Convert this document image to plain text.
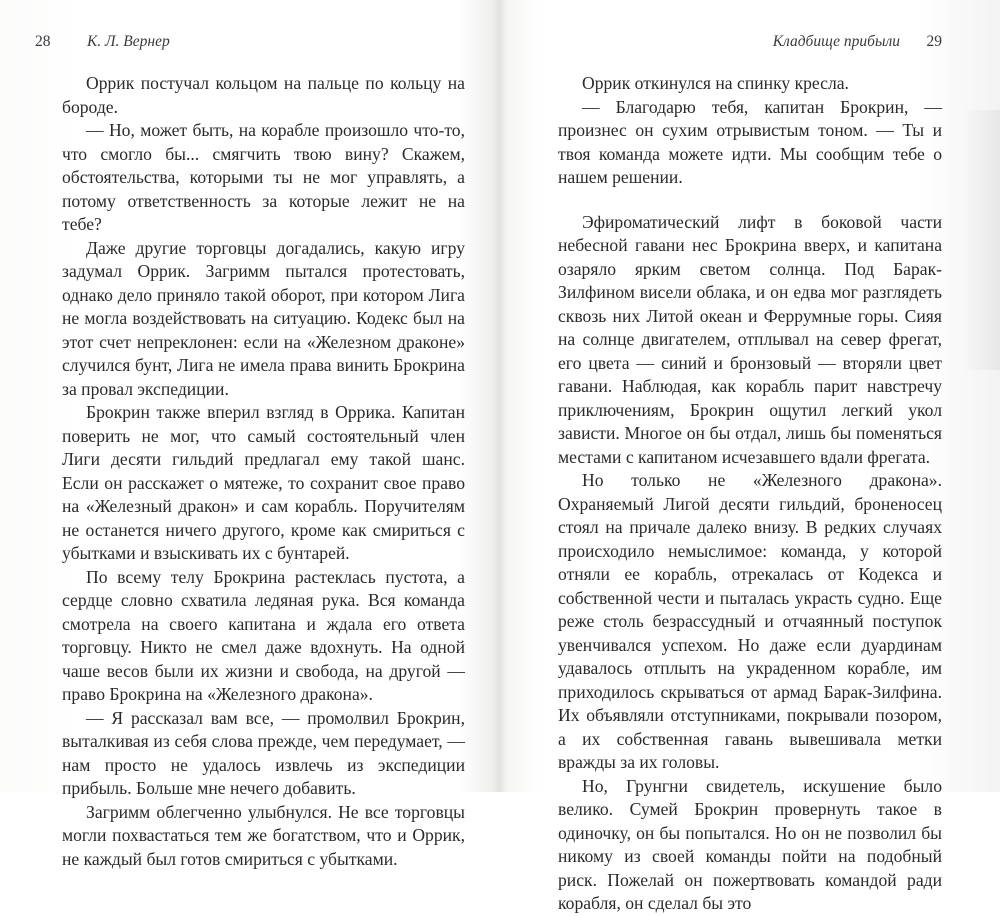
28 К. Л. Вернер

Оррик постучал кольцом на пальце по кольцу на бороде.

— Но, может быть, на корабле произошло что-то, что смогло бы... смягчить твою вину? Скажем, обстоятельства, которыми ты не мог управлять, а потому ответственность за которые лежит не на тебе?

Даже другие торговцы догадались, какую игру задумал Оррик. Загримм пытался протестовать, однако дело приняло такой оборот, при котором Лига не могла воздействовать на ситуацию. Кодекс был на этот счет непреклонен: если на «Железном драконе» случился бунт, Лига не имела права винить Брокрина за провал экспедиции.

Брокрин также вперил взгляд в Оррика. Капитан поверить не мог, что самый состоятельный член Лиги десяти гильдий предлагал ему такой шанс. Если он расскажет о мятеже, то сохранит свое право на «Железный дракон» и сам корабль. Поручителям не останется ничего другого, кроме как смириться с убытками и взыскивать их с бунтарей.

По всему телу Брокрина растеклась пустота, а сердце словно схватила ледяная рука. Вся команда смотрела на своего капитана и ждала его ответа торговцу. Никто не смел даже вдохнуть. На одной чаше весов были их жизни и свобода, на другой — право Брокрина на «Железного дракона».

— Я рассказал вам все, — промолвил Брокрин, выталкивая из себя слова прежде, чем передумает, — нам просто не удалось извлечь из экспедиции прибыль. Больше мне нечего добавить.

Загримм облегченно улыбнулся. Не все торговцы могли похвастаться тем же богатством, что и Оррик, не каждый был готов смириться с убытками.

Кладбище прибыли 29

Оррик откинулся на спинку кресла.

— Благодарю тебя, капитан Брокрин, — произнес он сухим отрывистым тоном. — Ты и твоя команда можете идти. Мы сообщим тебе о нашем решении.

Эфироматический лифт в боковой части небесной гавани нес Брокрина вверх, и капитана озаряло ярким светом солнца. Под Барак-Зилфином висели облака, и он едва мог разглядеть сквозь них Литой океан и Феррумные горы. Сияя на солнце двигателем, отплывал на север фрегат, его цвета — синий и бронзовый — вторяли цвет гавани. Наблюдая, как корабль парит навстречу приключениям, Брокрин ощутил легкий укол зависти. Многое он бы отдал, лишь бы поменяться местами с капитаном исчезавшего вдали фрегата.

Но только не «Железного дракона». Охраняемый Лигой десяти гильдий, броненосец стоял на причале далеко внизу. В редких случаях происходило немыслимое: команда, у которой отняли ее корабль, отрекалась от Кодекса и собственной чести и пыталась украсть судно. Еще реже столь безрассудный и отчаянный поступок увенчивался успехом. Но даже если дуардинам удавалось отплыть на украденном корабле, им приходилось скрываться от армад Барак-Зилфина. Их объявляли отступниками, покрывали позором, а их собственная гавань вывешивала метки вражды за их головы.

Но, Грунгни свидетель, искушение было велико. Сумей Брокрин провернуть такое в одиночку, он бы попытался. Но он не позволил бы никому из своей команды пойти на подобный риск. Пожелай он пожертвовать командой ради корабля, он сделал бы это
